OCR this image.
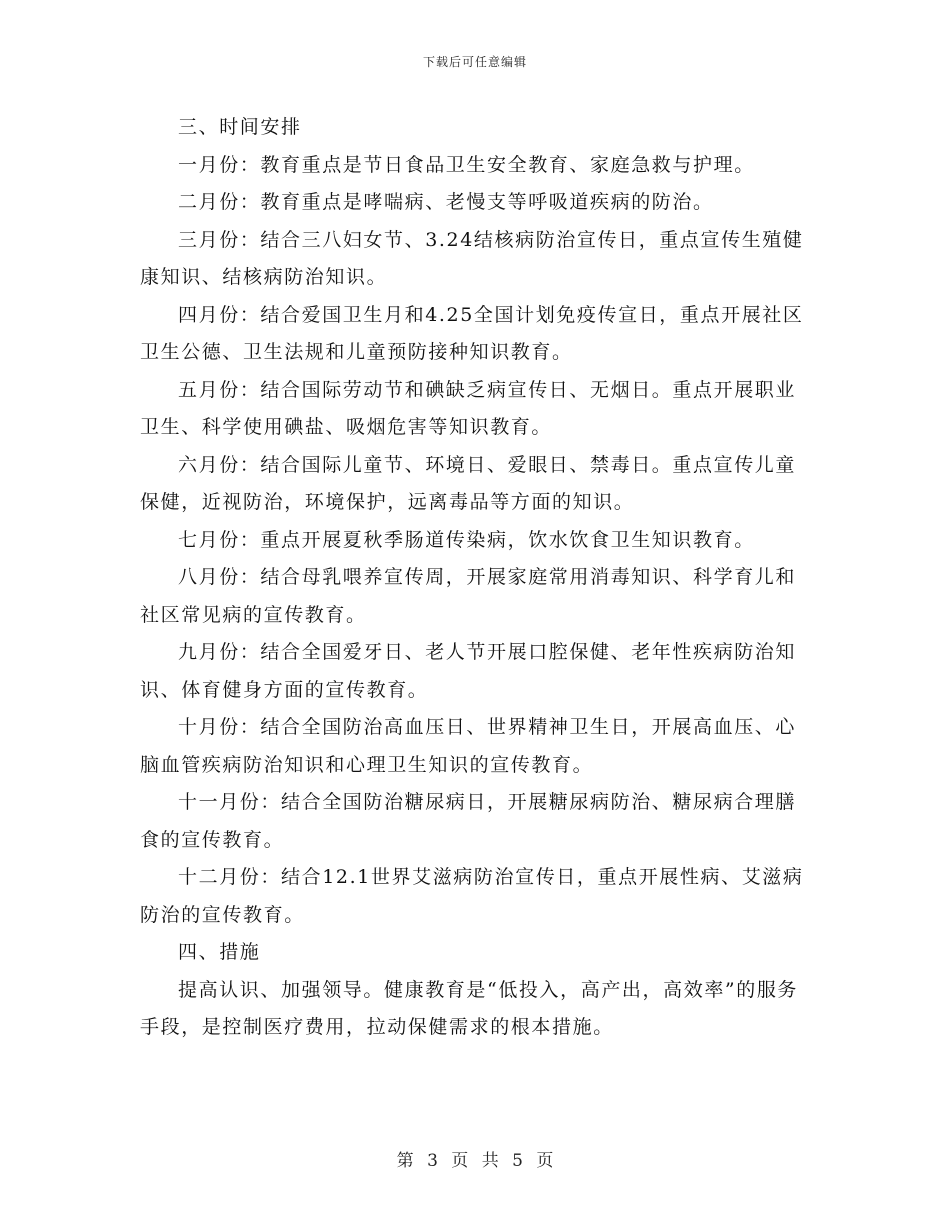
下载后可任意编辑

三、时间安排

一月份：教育重点是节日食品卫生安全教育、家庭急救与护理。

二月份：教育重点是哮喘病、老慢支等呼吸道疾病的防治。

三月份：结合三八妇女节、3.24结核病防治宣传日，重点宣传生殖健康知识、结核病防治知识。

四月份：结合爱国卫生月和4.25全国计划免疫传宣日，重点开展社区卫生公德、卫生法规和儿童预防接种知识教育。

五月份：结合国际劳动节和碘缺乏病宣传日、无烟日。重点开展职业卫生、科学使用碘盐、吸烟危害等知识教育。

六月份：结合国际儿童节、环境日、爱眼日、禁毒日。重点宣传儿童保健，近视防治，环境保护，远离毒品等方面的知识。

七月份：重点开展夏秋季肠道传染病，饮水饮食卫生知识教育。

八月份：结合母乳喂养宣传周，开展家庭常用消毒知识、科学育儿和社区常见病的宣传教育。

九月份：结合全国爱牙日、老人节开展口腔保健、老年性疾病防治知识、体育健身方面的宣传教育。

十月份：结合全国防治高血压日、世界精神卫生日，开展高血压、心脑血管疾病防治知识和心理卫生知识的宣传教育。

十一月份：结合全国防治糖尿病日，开展糖尿病防治、糖尿病合理膳食的宣传教育。

十二月份：结合12.1世界艾滋病防治宣传日，重点开展性病、艾滋病防治的宣传教育。

四、措施

提高认识、加强领导。健康教育是“低投入，高产出，高效率”的服务手段，是控制医疗费用，拉动保健需求的根本措施。

第 3 页 共 5 页
